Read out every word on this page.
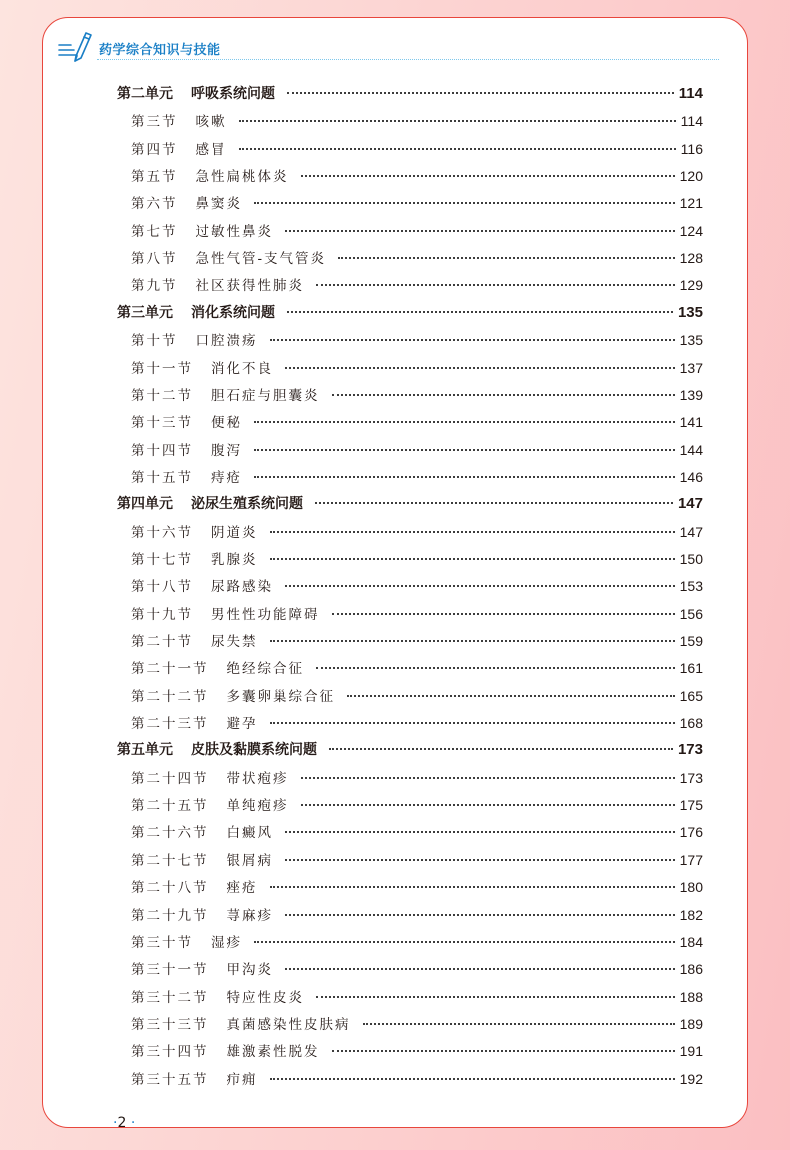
药学综合知识与技能
第二单元 呼吸系统问题	114
第三节 咳嗽	114
第四节 感冒	116
第五节 急性扁桃体炎	120
第六节 鼻窦炎	121
第七节 过敏性鼻炎	124
第八节 急性气管-支气管炎	128
第九节 社区获得性肺炎	129
第三单元 消化系统问题	135
第十节 口腔溃疡	135
第十一节 消化不良	137
第十二节 胆石症与胆囊炎	139
第十三节 便秘	141
第十四节 腹泻	144
第十五节 痔疮	146
第四单元 泌尿生殖系统问题	147
第十六节 阴道炎	147
第十七节 乳腺炎	150
第十八节 尿路感染	153
第十九节 男性性功能障碍	156
第二十节 尿失禁	159
第二十一节 绝经综合征	161
第二十二节 多囊卵巢综合征	165
第二十三节 避孕	168
第五单元 皮肤及黏膜系统问题	173
第二十四节 带状疱疹	173
第二十五节 单纯疱疹	175
第二十六节 白癜风	176
第二十七节 银屑病	177
第二十八节 痤疮	180
第二十九节 荨麻疹	182
第三十节 湿疹	184
第三十一节 甲沟炎	186
第三十二节 特应性皮炎	188
第三十三节 真菌感染性皮肤病	189
第三十四节 雄激素性脱发	191
第三十五节 疖痈	192
·2 ·
